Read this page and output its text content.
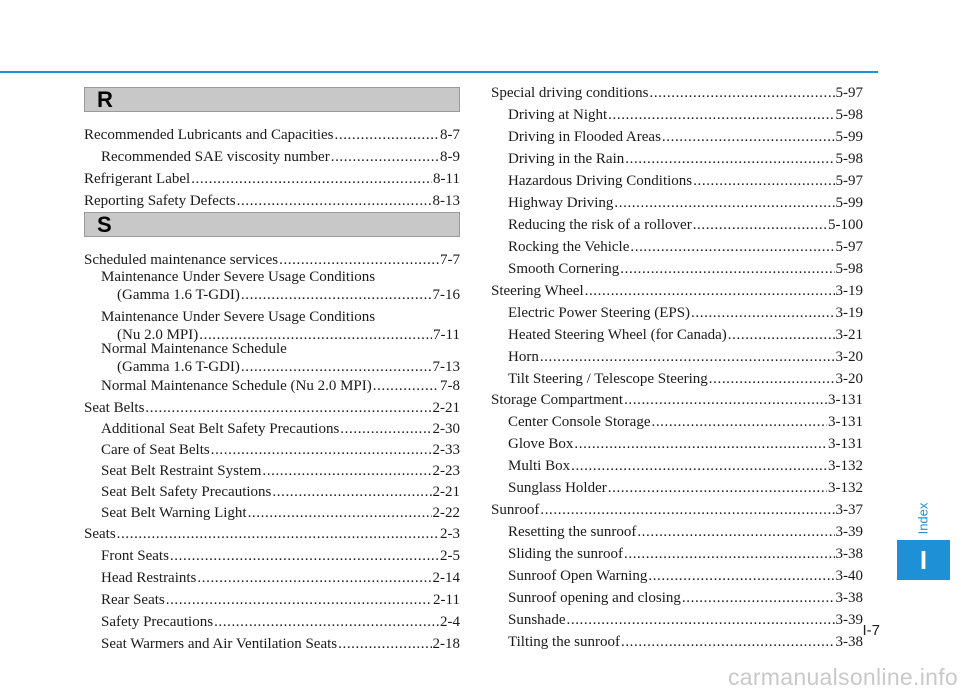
R
Recommended Lubricants and Capacities .....	8-7
Recommended SAE viscosity number .....	8-9
Refrigerant Label .....	8-11
Reporting Safety Defects .....	8-13
S
Scheduled maintenance services .....	7-7
Maintenance Under Severe Usage Conditions
(Gamma 1.6 T-GDI) .....	7-16
Maintenance Under Severe Usage Conditions
(Nu 2.0 MPI) .....	7-11
Normal Maintenance Schedule
(Gamma 1.6 T-GDI) .....	7-13
Normal Maintenance Schedule (Nu 2.0 MPI) .....	7-8
Seat Belts .....	2-21
Additional Seat Belt Safety Precautions .....	2-30
Care of Seat Belts .....	2-33
Seat Belt Restraint System .....	2-23
Seat Belt Safety Precautions .....	2-21
Seat Belt Warning Light .....	2-22
Seats .....	2-3
Front Seats .....	2-5
Head Restraints .....	2-14
Rear Seats .....	2-11
Safety Precautions .....	2-4
Seat Warmers and Air Ventilation Seats .....	2-18
Special driving conditions .....	5-97
Driving at Night .....	5-98
Driving in Flooded Areas .....	5-99
Driving in the Rain .....	5-98
Hazardous Driving Conditions .....	5-97
Highway Driving .....	5-99
Reducing the risk of a rollover .....	5-100
Rocking the Vehicle .....	5-97
Smooth Cornering .....	5-98
Steering Wheel .....	3-19
Electric Power Steering (EPS) .....	3-19
Heated Steering Wheel (for Canada) .....	3-21
Horn .....	3-20
Tilt Steering / Telescope Steering .....	3-20
Storage Compartment .....	3-131
Center Console Storage .....	3-131
Glove Box .....	3-131
Multi Box .....	3-132
Sunglass Holder .....	3-132
Sunroof .....	3-37
Resetting the sunroof .....	3-39
Sliding the sunroof .....	3-38
Sunroof Open Warning .....	3-40
Sunroof opening and closing .....	3-38
Sunshade .....	3-39
Tilting the sunroof .....	3-38
Index
I
I-7
carmanualsonline.info
